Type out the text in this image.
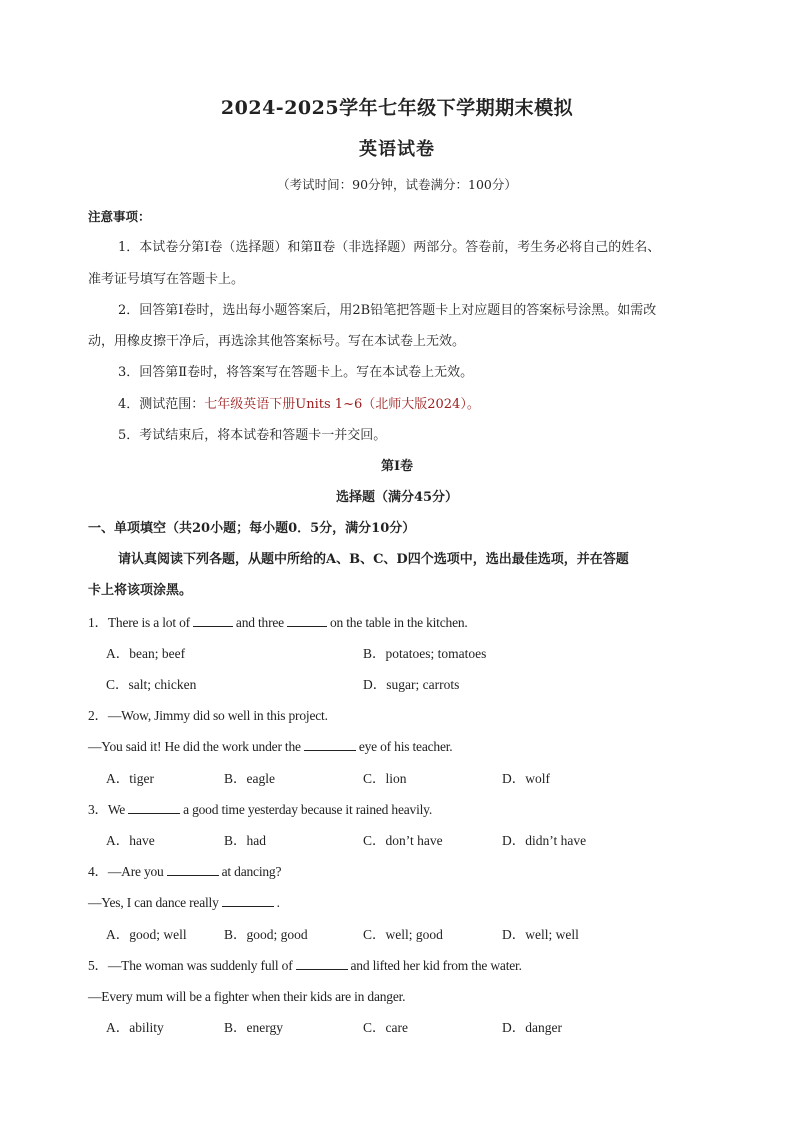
2024-2025学年七年级下学期期末模拟
英语试卷
（考试时间：90分钟，试卷满分：100分）
注意事项：
1．本试卷分第Ⅰ卷（选择题）和第Ⅱ卷（非选择题）两部分。答卷前，考生务必将自己的姓名、
准考证号填写在答题卡上。
2．回答第Ⅰ卷时，选出每小题答案后，用2B铅笔把答题卡上对应题目的答案标号涂黑。如需改
动，用橡皮擦干净后，再选涂其他答案标号。写在本试卷上无效。
3．回答第Ⅱ卷时，将答案写在答题卡上。写在本试卷上无效。
4．测试范围：七年级英语下册Units 1~6（北师大版2024）。
5．考试结束后，将本试卷和答题卡一并交回。
第Ⅰ卷
选择题（满分45分）
一、单项填空（共20小题；每小题0．5分，满分10分）
请认真阅读下列各题，从题中所给的A、B、C、D四个选项中，选出最佳选项，并在答题
卡上将该项涂黑。
1．There is a lot of	and three	on the table in the kitchen.
A．bean; beef	B．potatoes; tomatoes
C．salt; chicken	D．sugar; carrots
2．—Wow, Jimmy did so well in this project.
—You said it! He did the work under the	eye of his teacher.
A．tiger	B．eagle	C．lion	D．wolf
3．We	a good time yesterday because it rained heavily.
A．have	B．had	C．don’t have	D．didn’t have
4．—Are you	at dancing?
—Yes, I can dance really	.
A．good; well	B．good; good	C．well; good	D．well; well
5．—The woman was suddenly full of	and lifted her kid from the water.
—Every mum will be a fighter when their kids are in danger.
A．ability	B．energy	C．care	D．danger
